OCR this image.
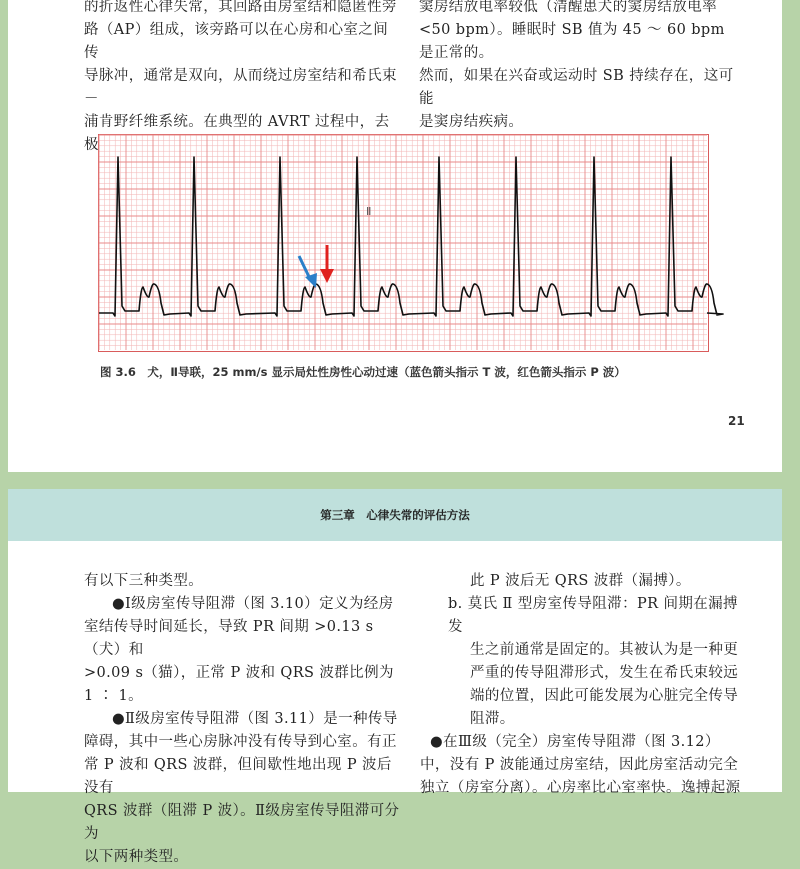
的折返性心律失常，其回路由房室结和隐匿性旁

路（AP）组成，该旁路可以在心房和心室之间传

导脉冲，通常是双向，从而绕过房室结和希氏束－

浦肯野纤维系统。在典型的 AVRT 过程中，去极

窦房结放电率较低（清醒患犬的窦房结放电率

<50 bpm）。睡眠时 SB 值为 45 ～ 60 bpm 是正常的。

然而，如果在兴奋或运动时 SB 持续存在，这可能

是窦房结疾病。

Ⅱ
图 3.6　犬，Ⅱ导联，25 mm/s 显示局灶性房性心动过速（蓝色箭头指示 T 波，红色箭头指示 P 波）
21
第三章　心律失常的评估方法

有以下三种类型。

●Ⅰ级房室传导阻滞（图 3.10）定义为经房

室结传导时间延长，导致 PR 间期 >0.13 s（犬）和

>0.09 s（猫），正常 P 波和 QRS 波群比例为 1 ∶ 1。

●Ⅱ级房室传导阻滞（图 3.11）是一种传导

障碍，其中一些心房脉冲没有传导到心室。有正

常 P 波和 QRS 波群，但间歇性地出现 P 波后没有

QRS 波群（阻滞 P 波）。Ⅱ级房室传导阻滞可分为

以下两种类型。

此 P 波后无 QRS 波群（漏搏）。

b. 莫氏 Ⅱ 型房室传导阻滞：PR 间期在漏搏发

生之前通常是固定的。其被认为是一种更

严重的传导阻滞形式，发生在希氏束较远

端的位置，因此可能发展为心脏完全传导

阻滞。

●在Ⅲ级（完全）房室传导阻滞（图 3.12）

中，没有 P 波能通过房室结，因此房室活动完全

独立（房室分离）。心房率比心室率快。逸搏起源
